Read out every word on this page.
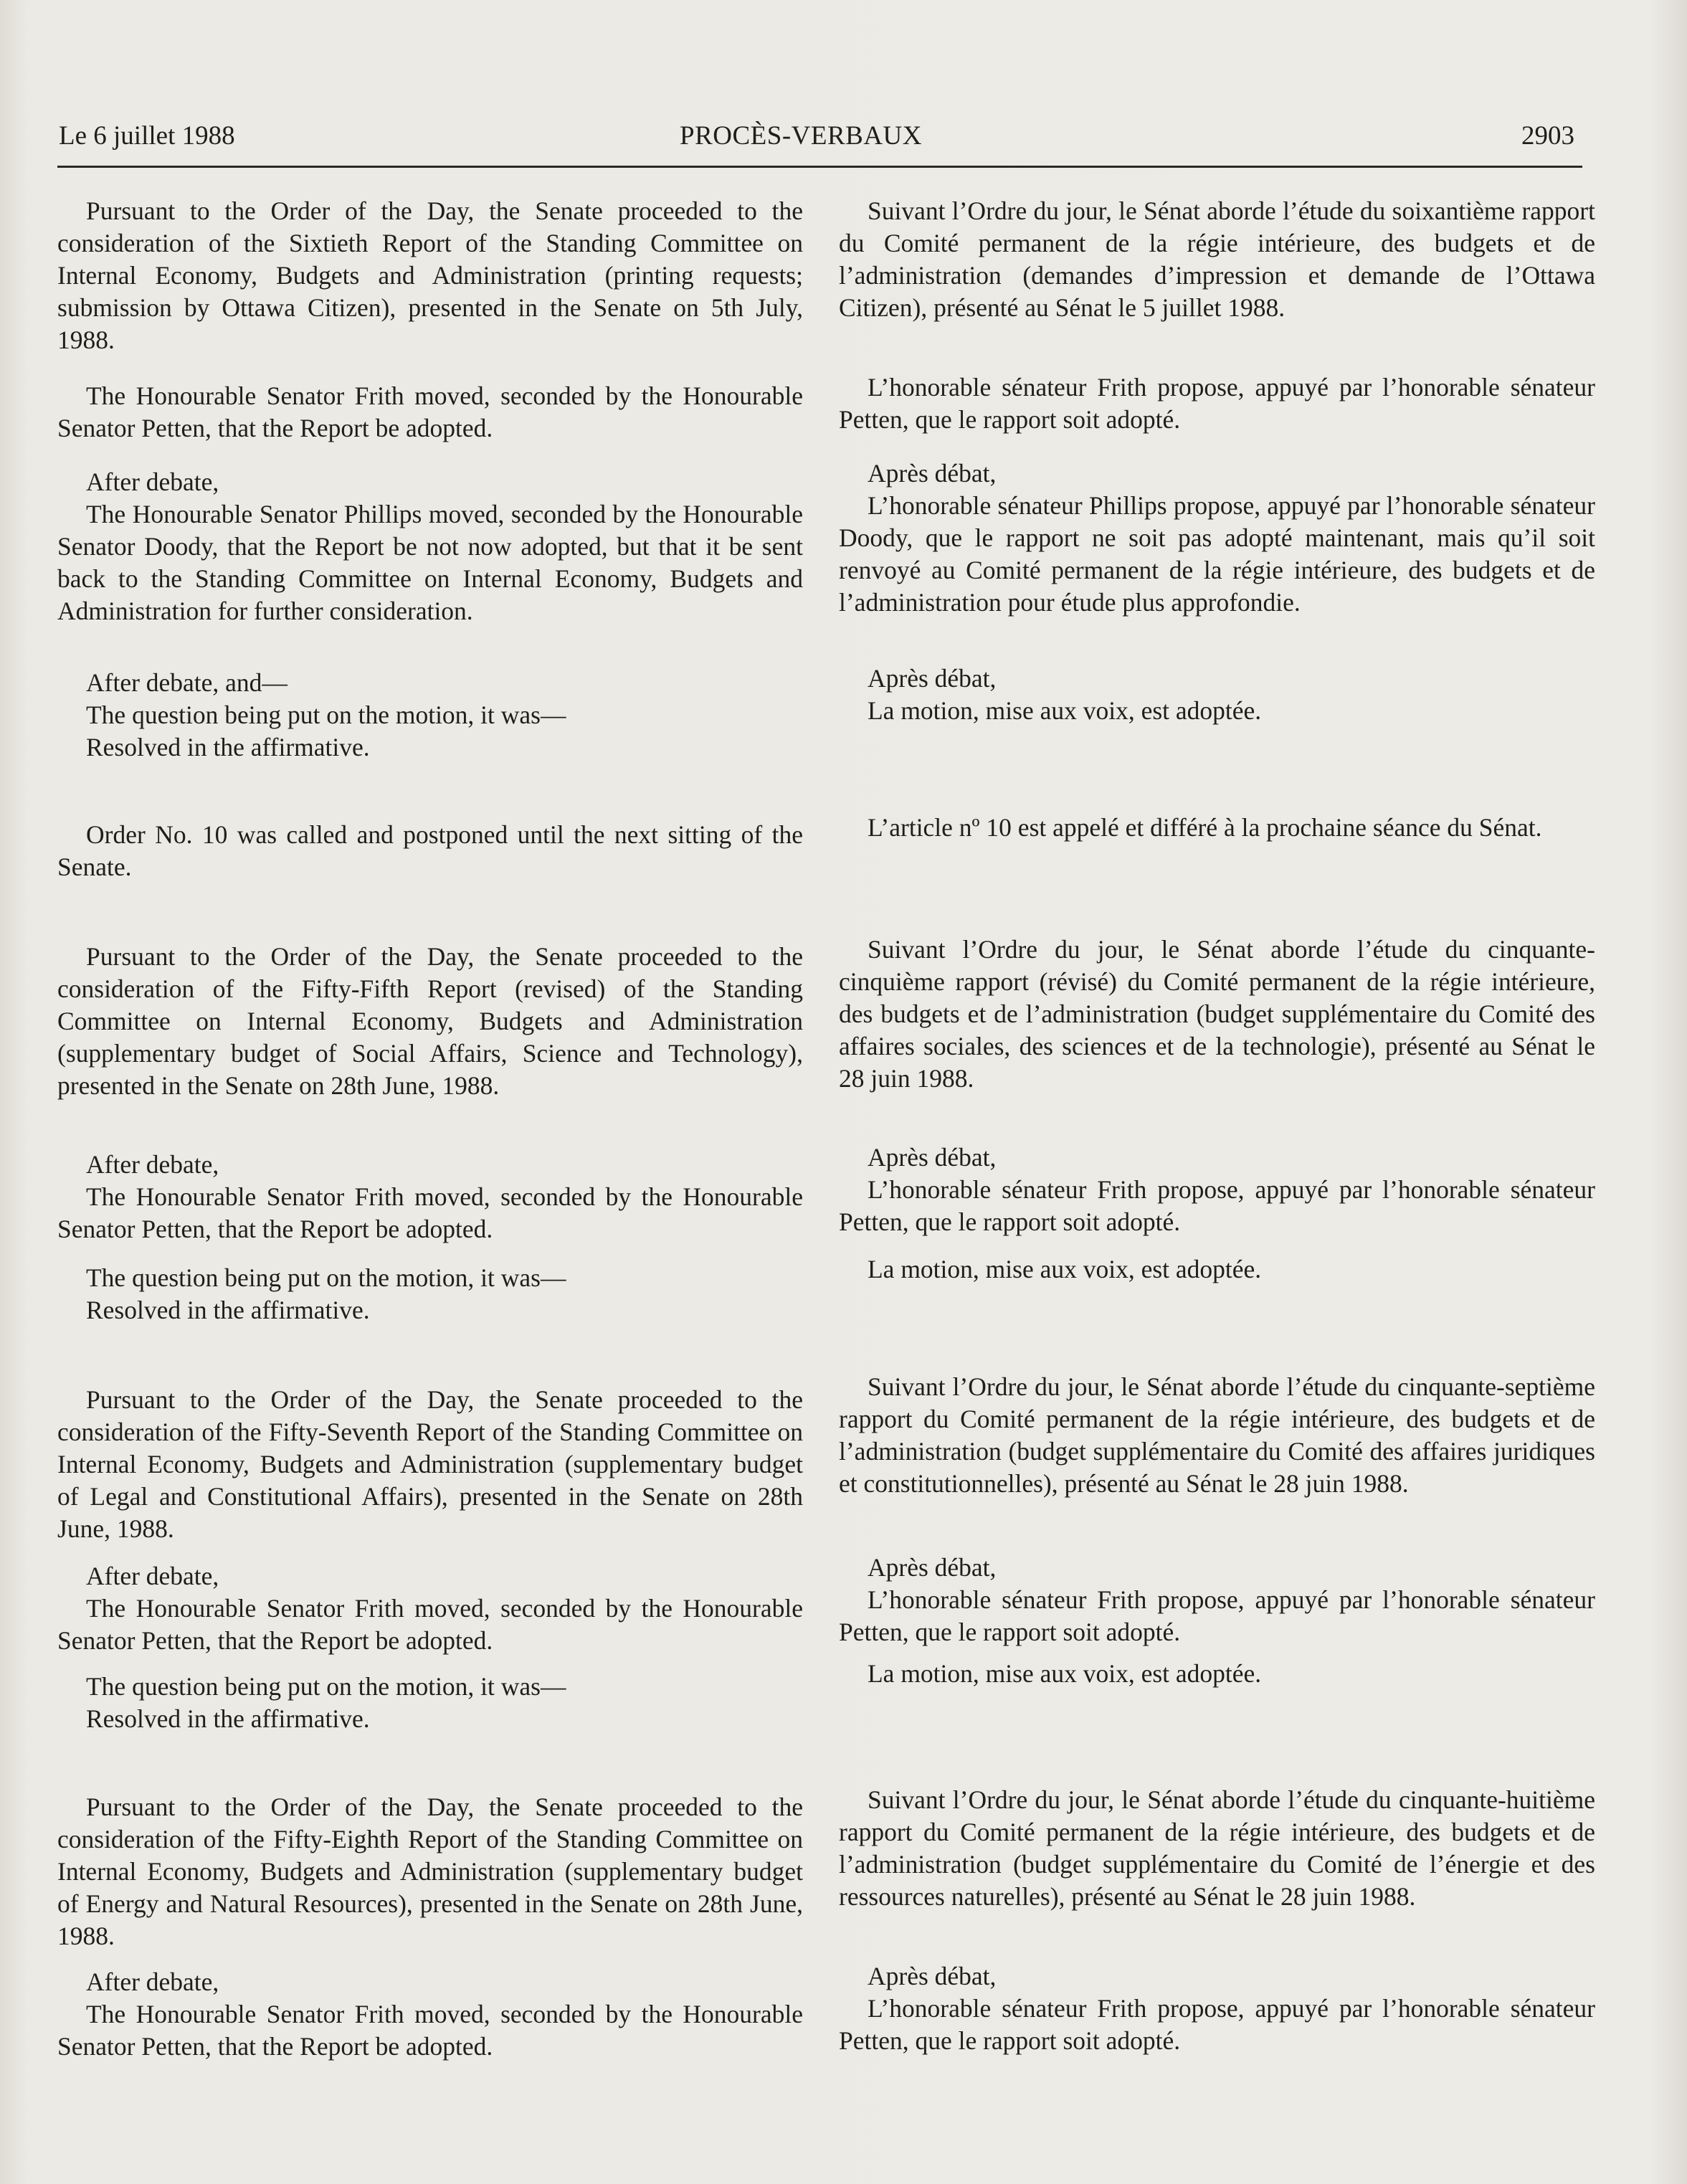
Le 6 juillet 1988	PROCÈS-VERBAUX	2903

Pursuant to the Order of the Day, the Senate proceeded to the consideration of the Sixtieth Report of the Standing Committee on Internal Economy, Budgets and Administration (printing requests; submission by Ottawa Citizen), presented in the Senate on 5th July, 1988.

The Honourable Senator Frith moved, seconded by the Honourable Senator Petten, that the Report be adopted.

After debate,

The Honourable Senator Phillips moved, seconded by the Honourable Senator Doody, that the Report be not now adopted, but that it be sent back to the Standing Committee on Internal Economy, Budgets and Administration for further consideration.

After debate, and—
The question being put on the motion, it was—
Resolved in the affirmative.

Order No. 10 was called and postponed until the next sitting of the Senate.

Pursuant to the Order of the Day, the Senate proceeded to the consideration of the Fifty-Fifth Report (revised) of the Standing Committee on Internal Economy, Budgets and Administration (supplementary budget of Social Affairs, Science and Technology), presented in the Senate on 28th June, 1988.

After debate,

The Honourable Senator Frith moved, seconded by the Honourable Senator Petten, that the Report be adopted.

The question being put on the motion, it was—
Resolved in the affirmative.

Pursuant to the Order of the Day, the Senate proceeded to the consideration of the Fifty-Seventh Report of the Standing Committee on Internal Economy, Budgets and Administration (supplementary budget of Legal and Constitutional Affairs), presented in the Senate on 28th June, 1988.

After debate,

The Honourable Senator Frith moved, seconded by the Honourable Senator Petten, that the Report be adopted.

The question being put on the motion, it was—
Resolved in the affirmative.

Pursuant to the Order of the Day, the Senate proceeded to the consideration of the Fifty-Eighth Report of the Standing Committee on Internal Economy, Budgets and Administration (supplementary budget of Energy and Natural Resources), presented in the Senate on 28th June, 1988.

After debate,

The Honourable Senator Frith moved, seconded by the Honourable Senator Petten, that the Report be adopted.

Suivant l’Ordre du jour, le Sénat aborde l’étude du soixantième rapport du Comité permanent de la régie intérieure, des budgets et de l’administration (demandes d’impression et demande de l’Ottawa Citizen), présenté au Sénat le 5 juillet 1988.

L’honorable sénateur Frith propose, appuyé par l’honorable sénateur Petten, que le rapport soit adopté.

Après débat,

L’honorable sénateur Phillips propose, appuyé par l’honorable sénateur Doody, que le rapport ne soit pas adopté maintenant, mais qu’il soit renvoyé au Comité permanent de la régie intérieure, des budgets et de l’administration pour étude plus approfondie.

Après débat,
La motion, mise aux voix, est adoptée.

L’article nº 10 est appelé et différé à la prochaine séance du Sénat.

Suivant l’Ordre du jour, le Sénat aborde l’étude du cinquante-cinquième rapport (révisé) du Comité permanent de la régie intérieure, des budgets et de l’administration (budget supplémentaire du Comité des affaires sociales, des sciences et de la technologie), présenté au Sénat le 28 juin 1988.

Après débat,

L’honorable sénateur Frith propose, appuyé par l’honorable sénateur Petten, que le rapport soit adopté.

La motion, mise aux voix, est adoptée.

Suivant l’Ordre du jour, le Sénat aborde l’étude du cinquante-septième rapport du Comité permanent de la régie intérieure, des budgets et de l’administration (budget supplémentaire du Comité des affaires juridiques et constitutionnelles), présenté au Sénat le 28 juin 1988.

Après débat,

L’honorable sénateur Frith propose, appuyé par l’honorable sénateur Petten, que le rapport soit adopté.

La motion, mise aux voix, est adoptée.

Suivant l’Ordre du jour, le Sénat aborde l’étude du cinquante-huitième rapport du Comité permanent de la régie intérieure, des budgets et de l’administration (budget supplémentaire du Comité de l’énergie et des ressources naturelles), présenté au Sénat le 28 juin 1988.

Après débat,

L’honorable sénateur Frith propose, appuyé par l’honorable sénateur Petten, que le rapport soit adopté.
